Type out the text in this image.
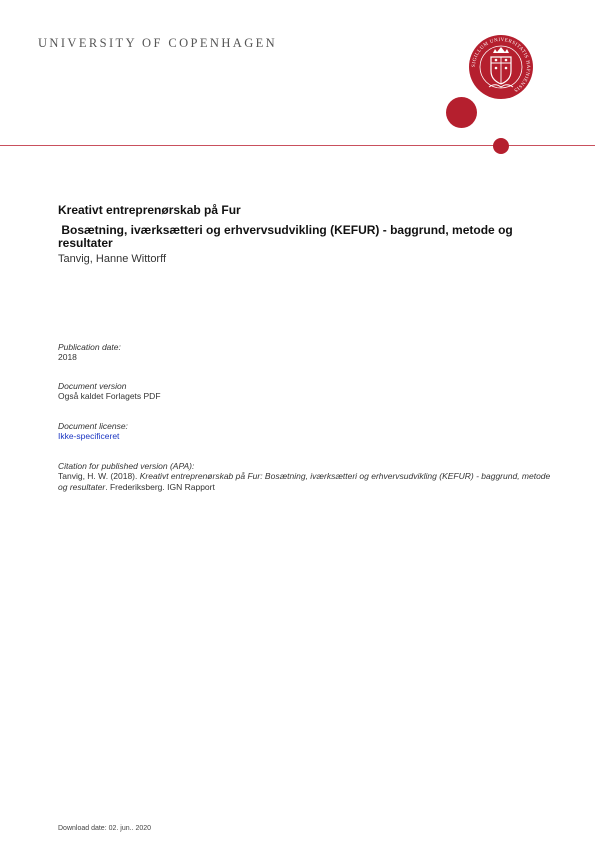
UNIVERSITY OF COPENHAGEN
SIGILLUM UNIVERSITATIS HAFNIENSIS
Kreativt entreprenørskab på Fur
Bosætning, iværksætteri og erhvervsudvikling (KEFUR) - baggrund, metode og resultater
Tanvig, Hanne Wittorff
Publication date:
2018
Document version
Også kaldet Forlagets PDF
Document license:
Ikke-specificeret
Citation for published version (APA):
Tanvig, H. W. (2018). Kreativt entreprenørskab på Fur: Bosætning, iværksætteri og erhvervsudvikling (KEFUR) - baggrund, metode og resultater. Frederiksberg. IGN Rapport
Download date: 02. jun.. 2020
